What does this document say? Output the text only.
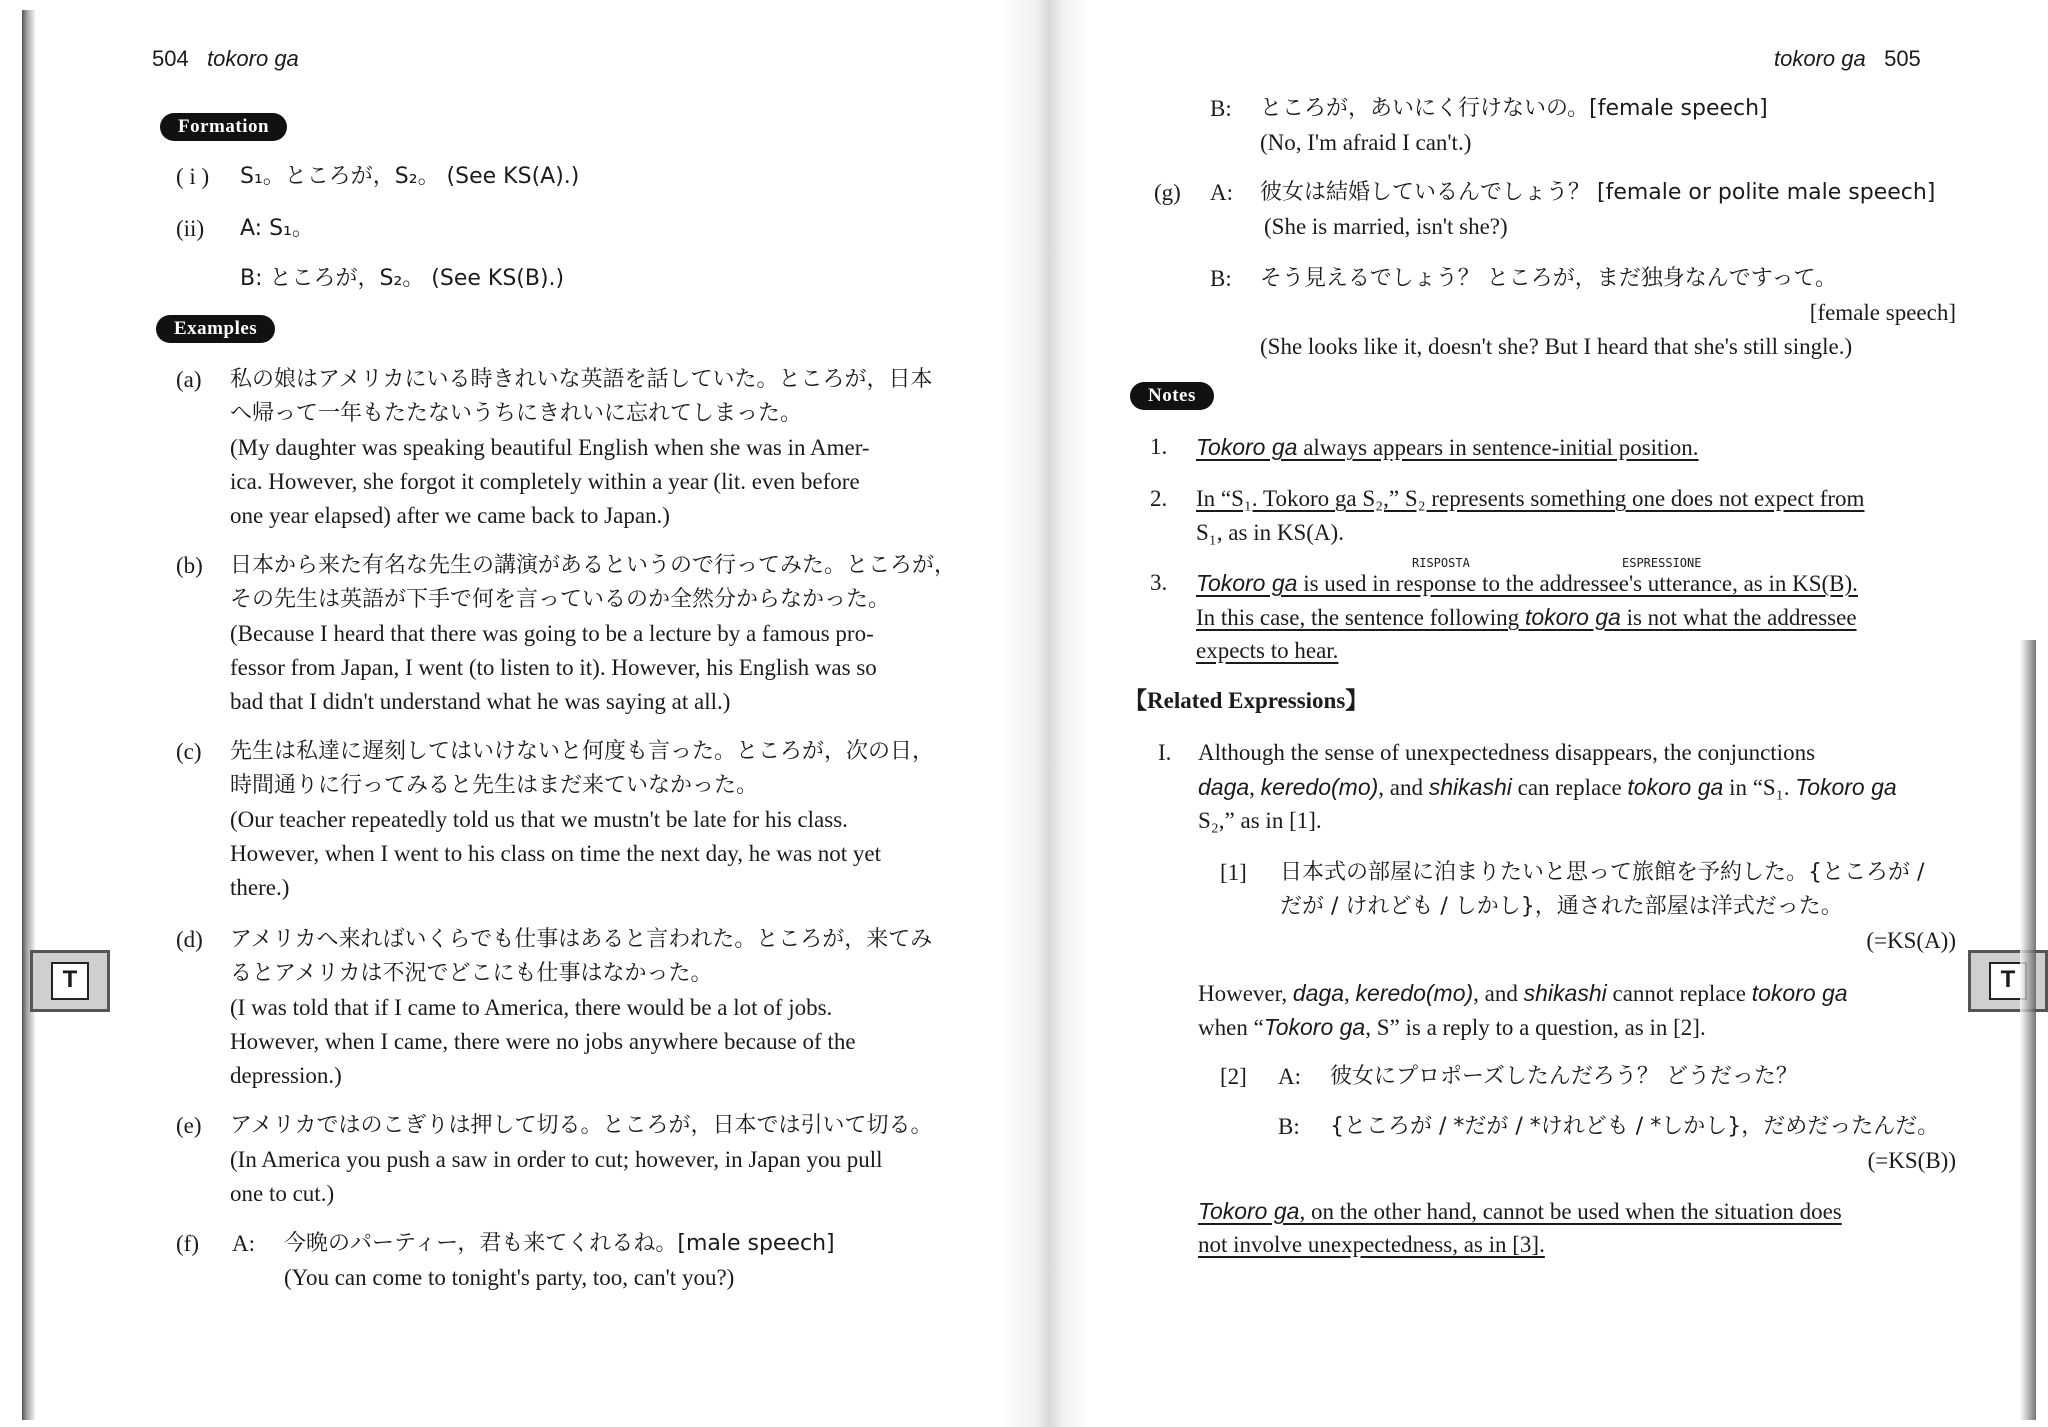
504 tokoro ga
Formation
( i ) S₁。ところが，S₂。 (See KS(A).)
(ii) A: S₁。
B: ところが，S₂。 (See KS(B).)
Examples
(a) 私の娘はアメリカにいる時きれいな英語を話していた。ところが，日本
へ帰って一年もたたないうちにきれいに忘れてしまった。
(My daughter was speaking beautiful English when she was in Amer-
ica. However, she forgot it completely within a year (lit. even before
one year elapsed) after we came back to Japan.)
(b) 日本から来た有名な先生の講演があるというので行ってみた。ところが，
その先生は英語が下手で何を言っているのか全然分からなかった。
(Because I heard that there was going to be a lecture by a famous pro-
fessor from Japan, I went (to listen to it). However, his English was so
bad that I didn't understand what he was saying at all.)
(c) 先生は私達に遅刻してはいけないと何度も言った。ところが，次の日，
時間通りに行ってみると先生はまだ来ていなかった。
(Our teacher repeatedly told us that we mustn't be late for his class.
However, when I went to his class on time the next day, he was not yet
there.)
(d) アメリカへ来ればいくらでも仕事はあると言われた。ところが，来てみ
るとアメリカは不況でどこにも仕事はなかった。
(I was told that if I came to America, there would be a lot of jobs.
However, when I came, there were no jobs anywhere because of the
depression.)
(e) アメリカではのこぎりは押して切る。ところが，日本では引いて切る。
(In America you push a saw in order to cut; however, in Japan you pull
one to cut.)
(f) A: 今晩のパーティー，君も来てくれるね。[male speech]
(You can come to tonight's party, too, can't you?)
T
tokoro ga 505
B: ところが，あいにく行けないの。[female speech]
(No, I'm afraid I can't.)
(g) A: 彼女は結婚しているんでしょう？ [female or polite male speech]
(She is married, isn't she?)
B: そう見えるでしょう？ ところが，まだ独身なんですって。
[female speech]
(She looks like it, doesn't she? But I heard that she's still single.)
Notes
1. Tokoro ga always appears in sentence-initial position.
2. In “S₁. Tokoro ga S₂,” S₂ represents something one does not expect from
S₁, as in KS(A).
RISPOSTA	ESPRESSIONE
3. Tokoro ga is used in response to the addressee's utterance, as in KS(B).
In this case, the sentence following tokoro ga is not what the addressee
expects to hear.
【Related Expressions】
I. Although the sense of unexpectedness disappears, the conjunctions
daga, keredo(mo), and shikashi can replace tokoro ga in “S₁. Tokoro ga
S₂,” as in [1].
[1] 日本式の部屋に泊まりたいと思って旅館を予約した。{ところが /
だが / けれども / しかし}，通された部屋は洋式だった。
(=KS(A))
However, daga, keredo(mo), and shikashi cannot replace tokoro ga
when “Tokoro ga, S” is a reply to a question, as in [2].
[2] A: 彼女にプロポーズしたんだろう？ どうだった？
B: {ところが / *だが / *けれども / *しかし}，だめだったんだ。
(=KS(B))
Tokoro ga, on the other hand, cannot be used when the situation does
not involve unexpectedness, as in [3].
T
